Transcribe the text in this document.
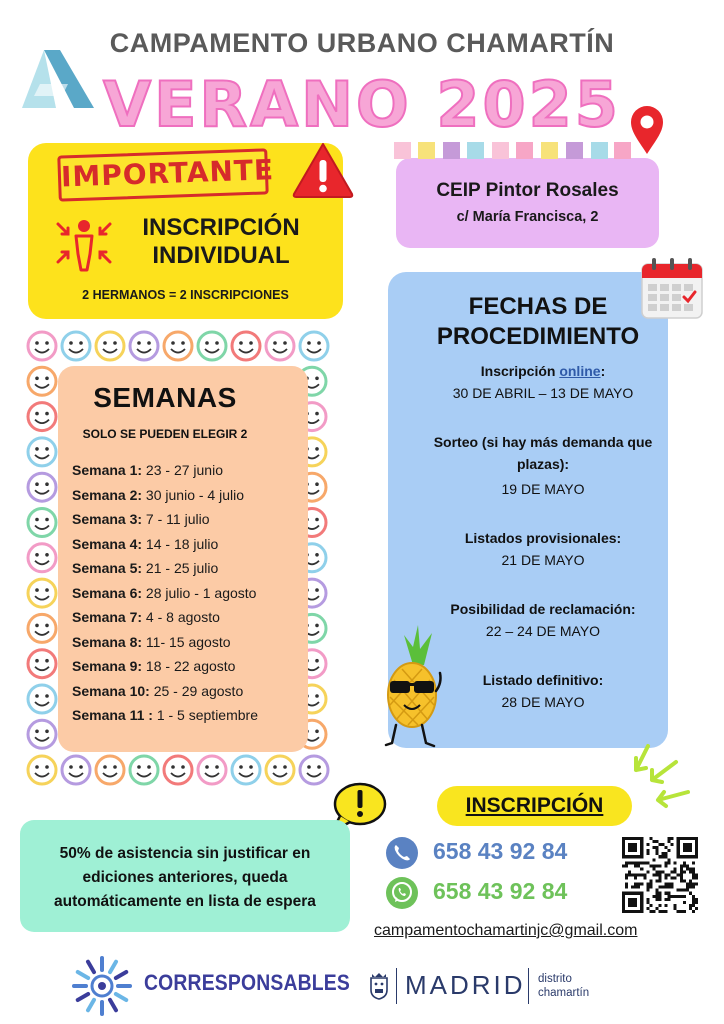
CAMPAMENTO URBANO CHAMARTÍN
VERANO 2025
IMPORTANTE
INSCRIPCIÓN INDIVIDUAL
2 HERMANOS = 2 INSCRIPCIONES
CEIP Pintor Rosales
c/ María Francisca, 2
SEMANAS
SOLO SE PUEDEN ELEGIR 2
Semana 1: 23 - 27 junio
Semana 2: 30 junio - 4 julio
Semana 3: 7 - 11 julio
Semana 4: 14 - 18 julio
Semana 5: 21 - 25 julio
Semana 6: 28 julio - 1 agosto
Semana 7: 4 - 8 agosto
Semana 8: 11- 15 agosto
Semana 9: 18 - 22 agosto
Semana 10: 25 - 29 agosto
Semana 11 : 1 - 5 septiembre
FECHAS DE PROCEDIMIENTO
Inscripción online:
30 DE ABRIL – 13 DE MAYO
Sorteo (si hay más demanda que plazas):
19 DE MAYO
Listados provisionales:
21 DE MAYO
Posibilidad de reclamación:
22 – 24 DE MAYO
Listado definitivo:
28 DE MAYO
50% de asistencia sin justificar en ediciones anteriores, queda automáticamente en lista de espera
INSCRIPCIÓN
658 43 92 84
658 43 92 84
campamentochamartinjc@gmail.com
CORRESPONSABLES MADRID distrito
chamartín
